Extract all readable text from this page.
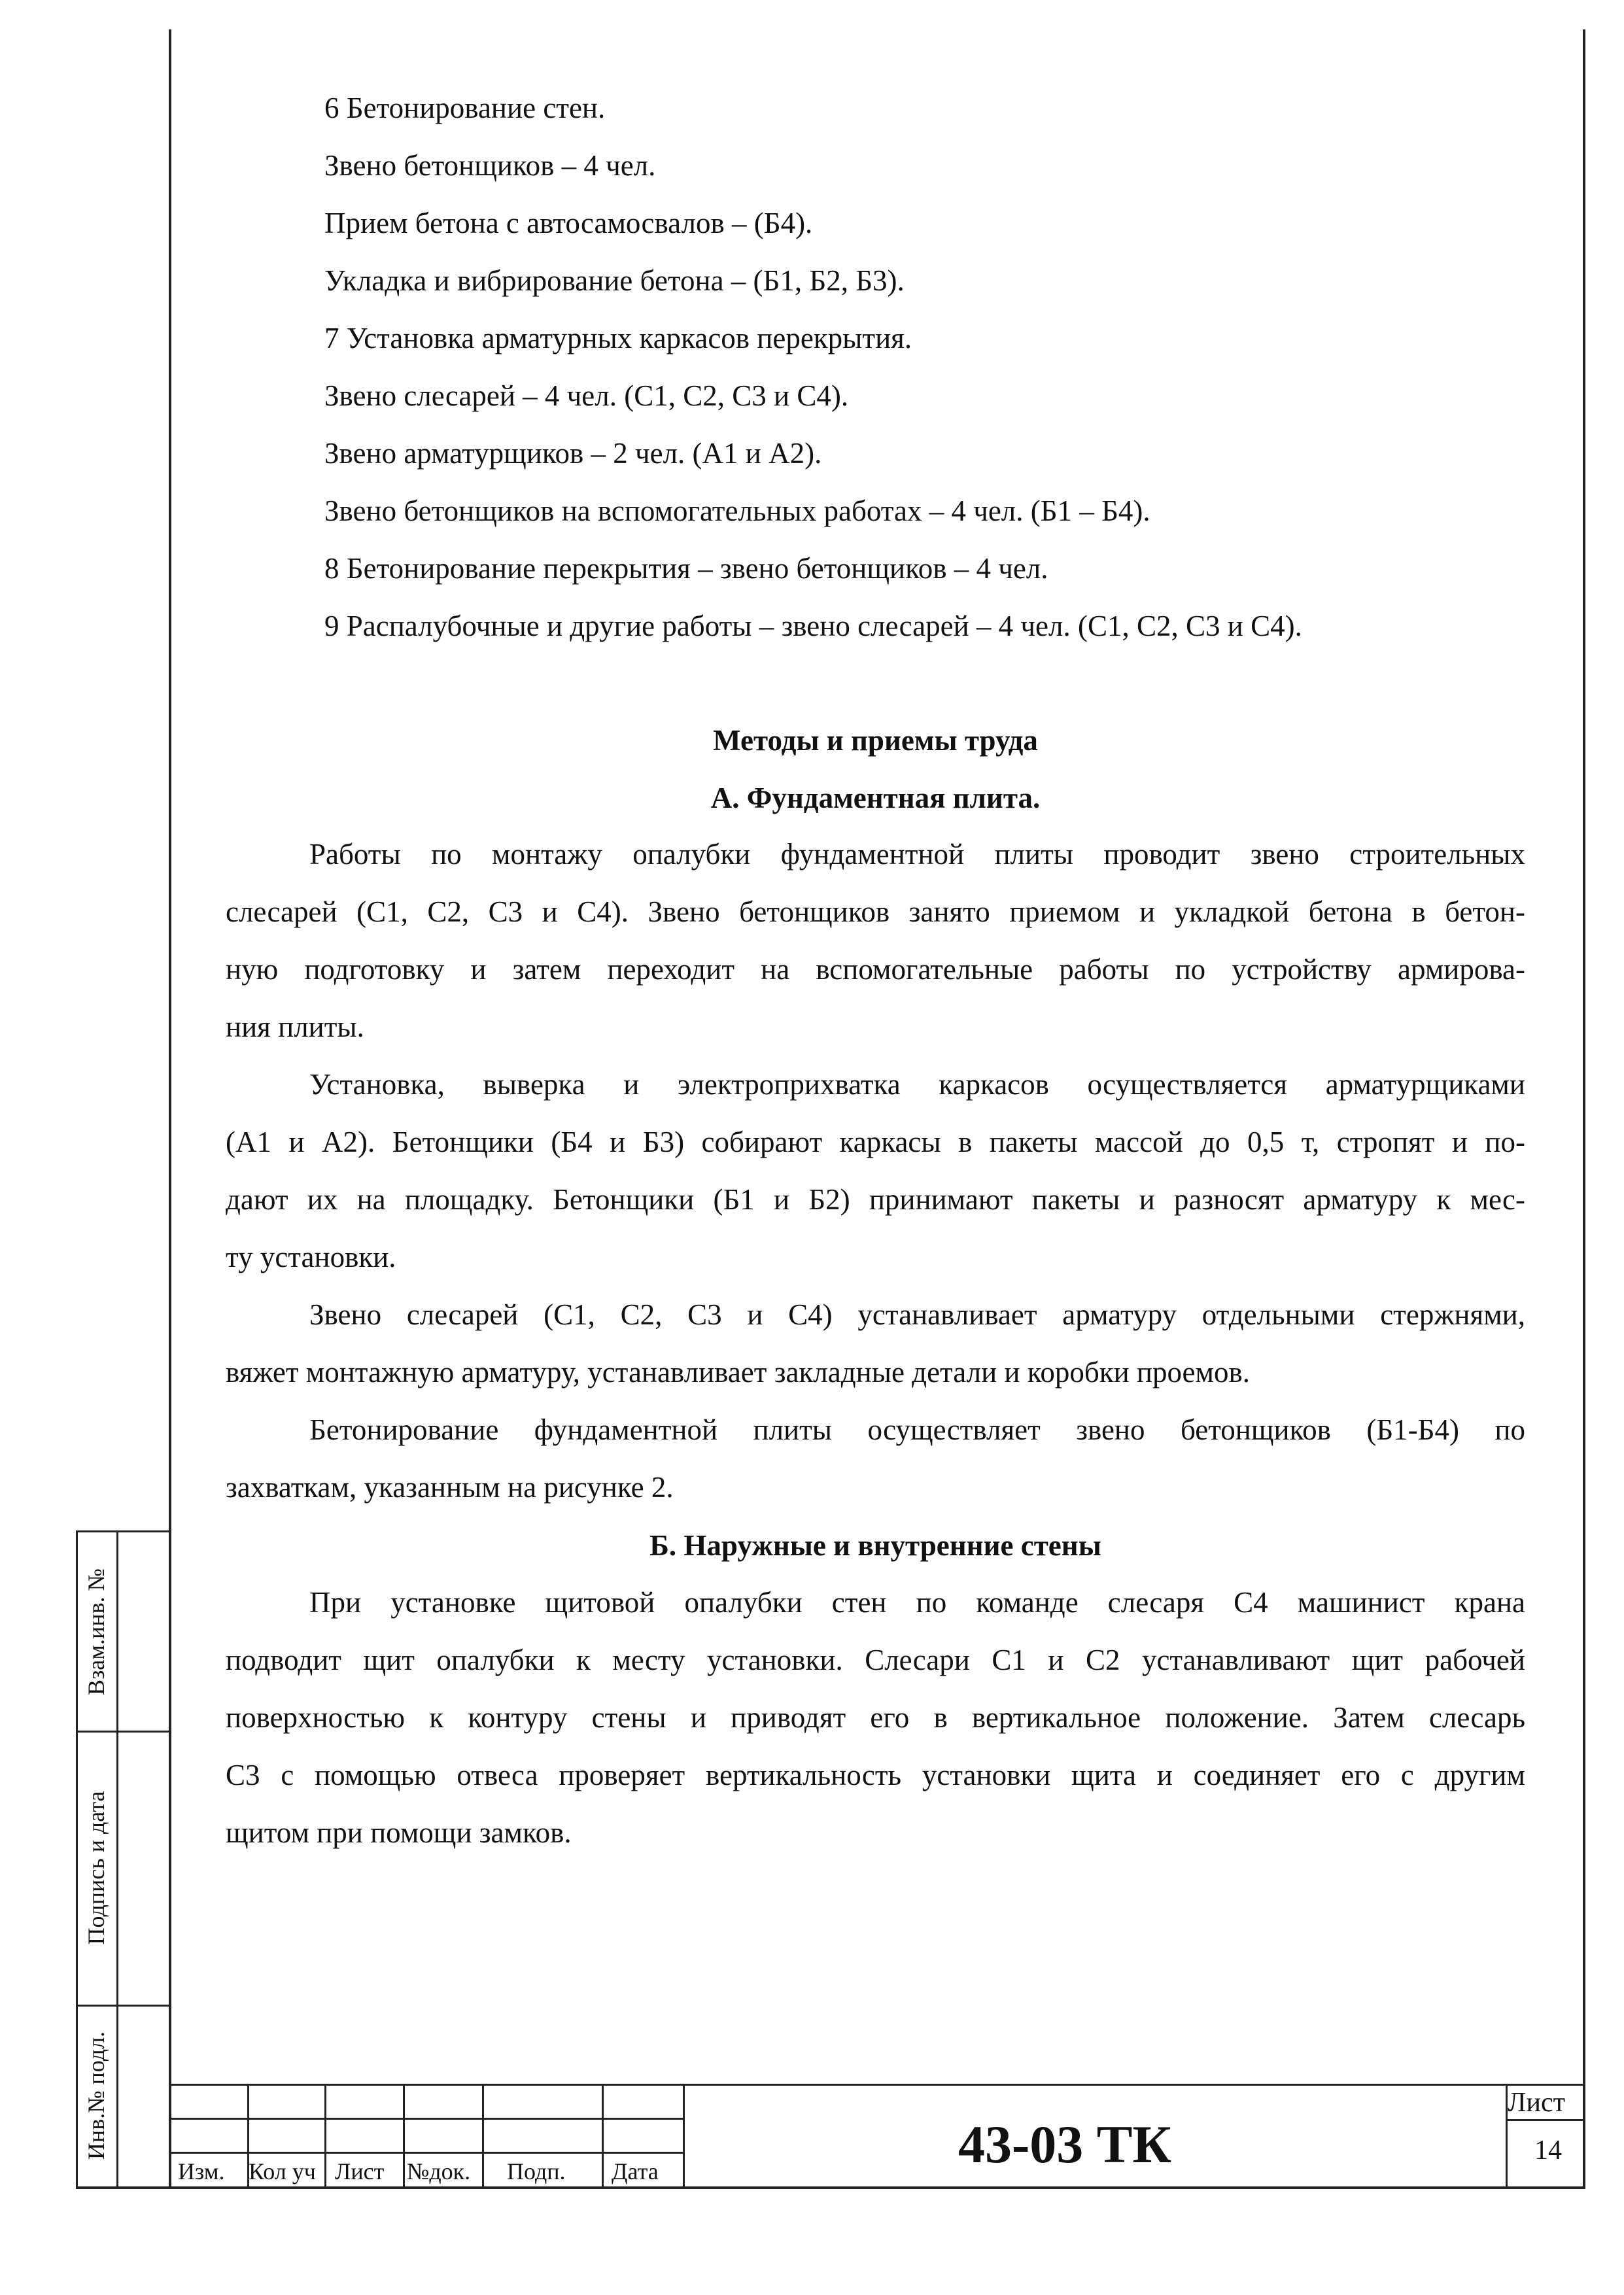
6 Бетонирование стен.
Звено бетонщиков – 4 чел.
Прием бетона с автосамосвалов – (Б4).
Укладка и вибрирование бетона – (Б1, Б2, Б3).
7 Установка арматурных каркасов перекрытия.
Звено слесарей – 4 чел. (С1, С2, С3 и С4).
Звено арматурщиков – 2 чел. (А1 и А2).
Звено бетонщиков на вспомогательных работах – 4 чел. (Б1 – Б4).
8 Бетонирование перекрытия – звено бетонщиков – 4 чел.
9 Распалубочные и другие работы – звено слесарей – 4 чел. (С1, С2, С3 и С4).
Методы и приемы труда
А. Фундаментная плита.
Б. Наружные и внутренние стены
Работы по монтажу опалубки фундаментной плиты проводит звено строительных
слесарей (С1, С2, С3 и С4). Звено бетонщиков занято приемом и укладкой бетона в бетон-
ную подготовку и затем переходит на вспомогательные работы по устройству армирова-
ния плиты.
Установка, выверка и электроприхватка каркасов осуществляется арматурщиками
(А1 и А2). Бетонщики (Б4 и Б3) собирают каркасы в пакеты массой до 0,5 т, стропят и по-
дают их на площадку. Бетонщики (Б1 и Б2) принимают пакеты и разносят арматуру к мес-
ту установки.
Звено слесарей (С1, С2, С3 и С4) устанавливает арматуру отдельными стержнями,
вяжет монтажную арматуру, устанавливает закладные детали и коробки проемов.
Бетонирование фундаментной плиты осуществляет звено бетонщиков (Б1-Б4) по
захваткам, указанным на рисунке 2.
При установке щитовой опалубки стен по команде слесаря С4 машинист крана
подводит щит опалубки к месту установки. Слесари С1 и С2 устанавливают щит рабочей
поверхностью к контуру стены и приводят его в вертикальное положение. Затем слесарь
С3 с помощью отвеса проверяет вертикальность установки щита и соединяет его с другим
щитом при помощи замков.
Взам.инв. №
Подпись и дата
Инв.№ подл.
Изм. Кол уч Лист №док. Подп. Дата	43-03 ТК
Лист
14
